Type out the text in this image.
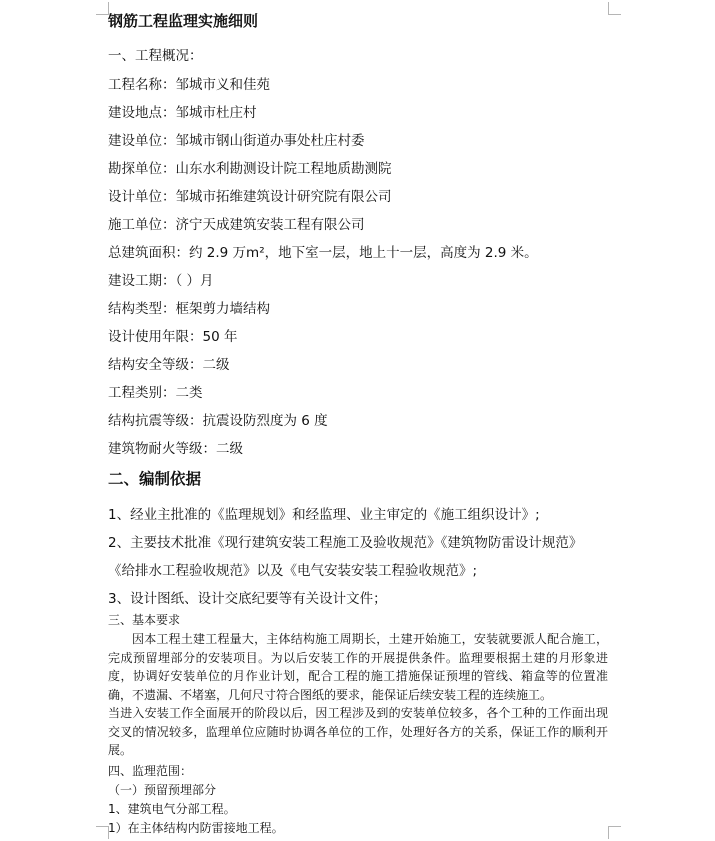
钢筋工程监理实施细则
一、工程概况：
工程名称：邹城市义和佳苑
建设地点：邹城市杜庄村
建设单位：邹城市钢山街道办事处杜庄村委
勘探单位：山东水利勘测设计院工程地质勘测院
设计单位：邹城市拓维建筑设计研究院有限公司
施工单位：济宁天成建筑安装工程有限公司
总建筑面积：约 2.9 万m²，地下室一层，地上十一层，高度为 2.9 米。
建设工期：（ ）月
结构类型：框架剪力墙结构
设计使用年限：50 年
结构安全等级：二级
工程类别：二类
结构抗震等级：抗震设防烈度为 6 度
建筑物耐火等级：二级
二、编制依据
1、经业主批准的《监理规划》和经监理、业主审定的《施工组织设计》;
2、主要技术批准《现行建筑安装工程施工及验收规范》《建筑物防雷设计规范》
《给排水工程验收规范》以及《电气安装安装工程验收规范》;
3、设计图纸、设计交底纪要等有关设计文件；
三、基本要求
因本工程土建工程量大，主体结构施工周期长，土建开始施工，安装就要派人配合施工，完成预留埋部分的安装项目。为以后安装工作的开展提供条件。监理要根据土建的月形象进度，协调好安装单位的月作业计划，配合工程的施工措施保证预埋的管线、箱盒等的位置准确，不遗漏、不堵塞，几何尺寸符合图纸的要求，能保证后续安装工程的连续施工。
当进入安装工作全面展开的阶段以后，因工程涉及到的安装单位较多，各个工种的工作面出现交叉的情况较多，监理单位应随时协调各单位的工作，处理好各方的关系，保证工作的顺利开展。
四、监理范围：
（一）预留预埋部分
1、建筑电气分部工程。
1）在主体结构内防雷接地工程。
